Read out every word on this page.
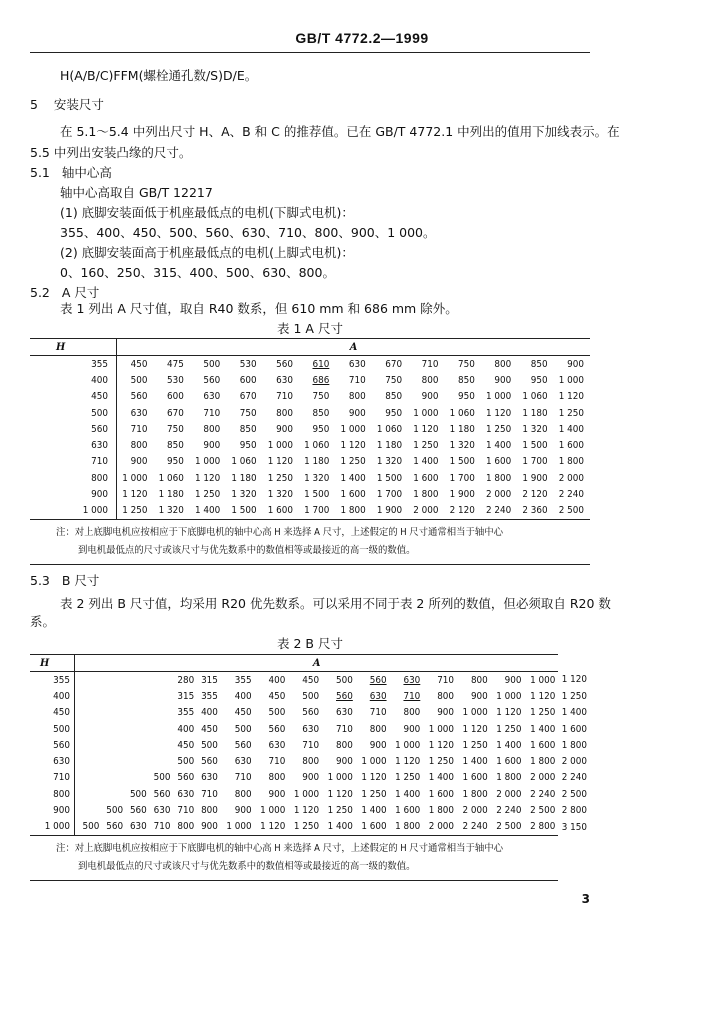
GB/T 4772.2—1999
H(A/B/C)FFM(螺栓通孔数/S)D/E。
5 安装尺寸
在 5.1～5.4 中列出尺寸 H、A、B 和 C 的推荐值。已在 GB/T 4772.1 中列出的值用下加线表示。在
5.5 中列出安装凸缘的尺寸。
5.1 轴中心高
轴中心高取自 GB/T 12217
(1) 底脚安装面低于机座最低点的电机(下脚式电机)：
355、400、450、500、560、630、710、800、900、1 000。
(2) 底脚安装面高于机座最低点的电机(上脚式电机)：
0、160、250、315、400、500、630、800。
5.2 A 尺寸
表 1 列出 A 尺寸值，取自 R40 数系，但 610 mm 和 686 mm 除外。
表 1 A 尺寸
H	A												
355	450	475	500	530	560	610	630	670	710	750	800	850	900
400	500	530	560	600	630	686	710	750	800	850	900	950	1 000
450	560	600	630	670	710	750	800	850	900	950	1 000	1 060	1 120
500	630	670	710	750	800	850	900	950	1 000	1 060	1 120	1 180	1 250
560	710	750	800	850	900	950	1 000	1 060	1 120	1 180	1 250	1 320	1 400
630	800	850	900	950	1 000	1 060	1 120	1 180	1 250	1 320	1 400	1 500	1 600
710	900	950	1 000	1 060	1 120	1 180	1 250	1 320	1 400	1 500	1 600	1 700	1 800
800	1 000	1 060	1 120	1 180	1 250	1 320	1 400	1 500	1 600	1 700	1 800	1 900	2 000
900	1 120	1 180	1 250	1 320	1 320	1 500	1 600	1 700	1 800	1 900	2 000	2 120	2 240
1 000	1 250	1 320	1 400	1 500	1 600	1 700	1 800	1 900	2 000	2 120	2 240	2 360	2 500

注：对上底脚电机应按相应于下底脚电机的轴中心高 H 来选择 A 尺寸，上述假定的 H 尺寸通常相当于轴中心
到电机最低点的尺寸或该尺寸与优先数系中的数值相等或最接近的高一级的数值。													
5.3 B 尺寸
表 2 列出 B 尺寸值，均采用 R20 优先数系。可以采用不同于表 2 所列的数值，但必须取自 R20 数
系。
表 2 B 尺寸
H	A																	
355						280	315	355	400	450	500	560	630	710	800	900	1 000	1 120
400						315	355	400	450	500	560	630	710	800	900	1 000	1 120	1 250
450						355	400	450	500	560	630	710	800	900	1 000	1 120	1 250	1 400
500						400	450	500	560	630	710	800	900	1 000	1 120	1 250	1 400	1 600
560						450	500	560	630	710	800	900	1 000	1 120	1 250	1 400	1 600	1 800
630						500	560	630	710	800	900	1 000	1 120	1 250	1 400	1 600	1 800	2 000
710					500	560	630	710	800	900	1 000	1 120	1 250	1 400	1 600	1 800	2 000	2 240
800				500	560	630	710	800	900	1 000	1 120	1 250	1 400	1 600	1 800	2 000	2 240	2 500
900			500	560	630	710	800	900	1 000	1 120	1 250	1 400	1 600	1 800	2 000	2 240	2 500	2 800
1 000		500	560	630	710	800	900	1 000	1 120	1 250	1 400	1 600	1 800	2 000	2 240	2 500	2 800	3 150

注：对上底脚电机应按相应于下底脚电机的轴中心高 H 来选择 A 尺寸，上述假定的 H 尺寸通常相当于轴中心
到电机最低点的尺寸或该尺寸与优先数系中的数值相等或最接近的高一级的数值。																		
3
